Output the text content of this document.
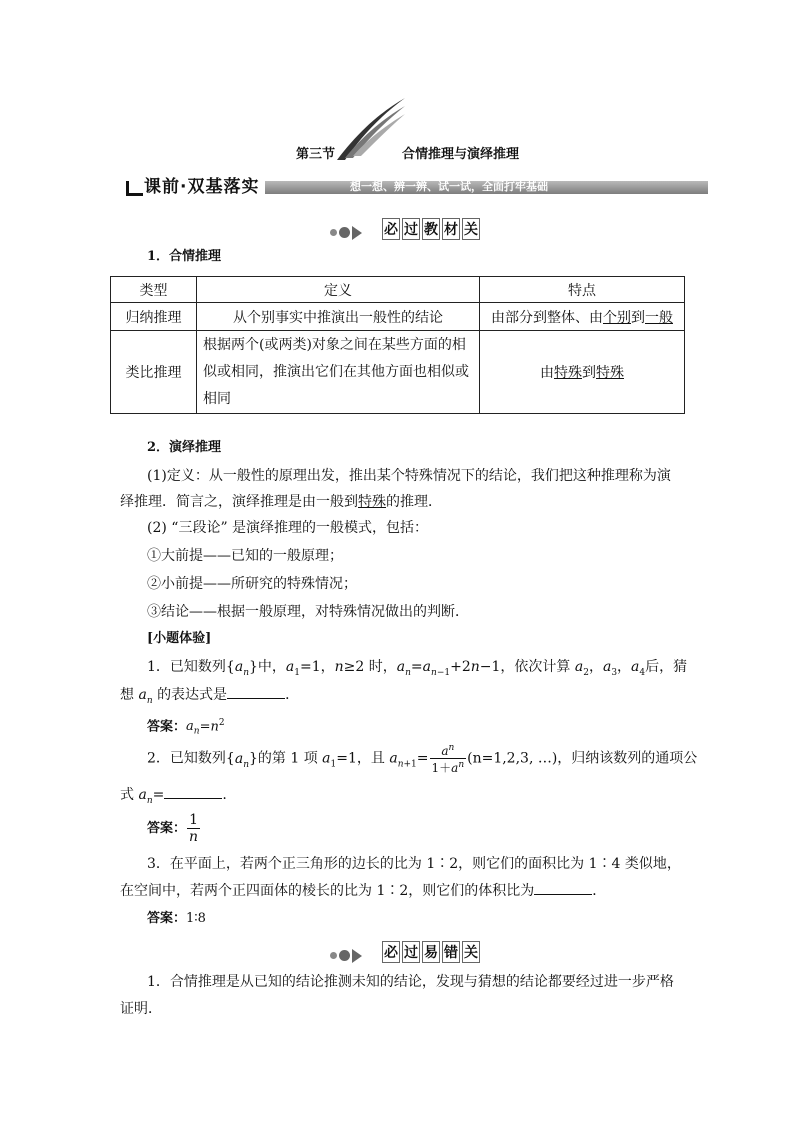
第三节	合情推理与演绎推理
想一想、辨一辨、试一试，全面打牢基础
课前·双基落实
必 过 教 材 关
1．合情推理
类型	定义	特点
归纳推理	从个别事实中推演出一般性的结论	由部分到整体、由个别到一般
类比推理	根据两个(或两类)对象之间在某些方面的相
似或相同，推演出它们在其他方面也相似或
相同	由特殊到特殊
2．演绎推理
(1)定义：从一般性的原理出发，推出某个特殊情况下的结论，我们把这种推理称为演
绎推理．简言之，演绎推理是由一般到特殊的推理．
(2) “三段论” 是演绎推理的一般模式，包括：
①大前提——已知的一般原理；
②小前提——所研究的特殊情况；
③结论——根据一般原理，对特殊情况做出的判断．
[小题体验]
1．已知数列$\{a_n\}$中，$a_1=1$，n≥2 时，$a_n=a_{n-1}+2n-1$，依次计算 $a_2$，$a_3$，$a_4$后，猜
想 $a_n$ 的表达式是	．
答案：$a_n=n^2$
2．已知数列$\{a_n\}$的第 1 项 $a_1=1$，且 $a_{n+1}= \frac{a^n}{1+a^n} (n=1,2,3$, …)，归纳该数列的通项公
式 $a_n=$	.
答案： $\frac{1}{n}$
3．在平面上，若两个正三角形的边长的比为 1∶2，则它们的面积比为 1∶4 类似地，
在空间中，若两个正四面体的棱长的比为 1∶2，则它们的体积比为	．
答案：1∶8
必 过 易 错 关
1．合情推理是从已知的结论推测未知的结论，发现与猜想的结论都要经过进一步严格
证明．
